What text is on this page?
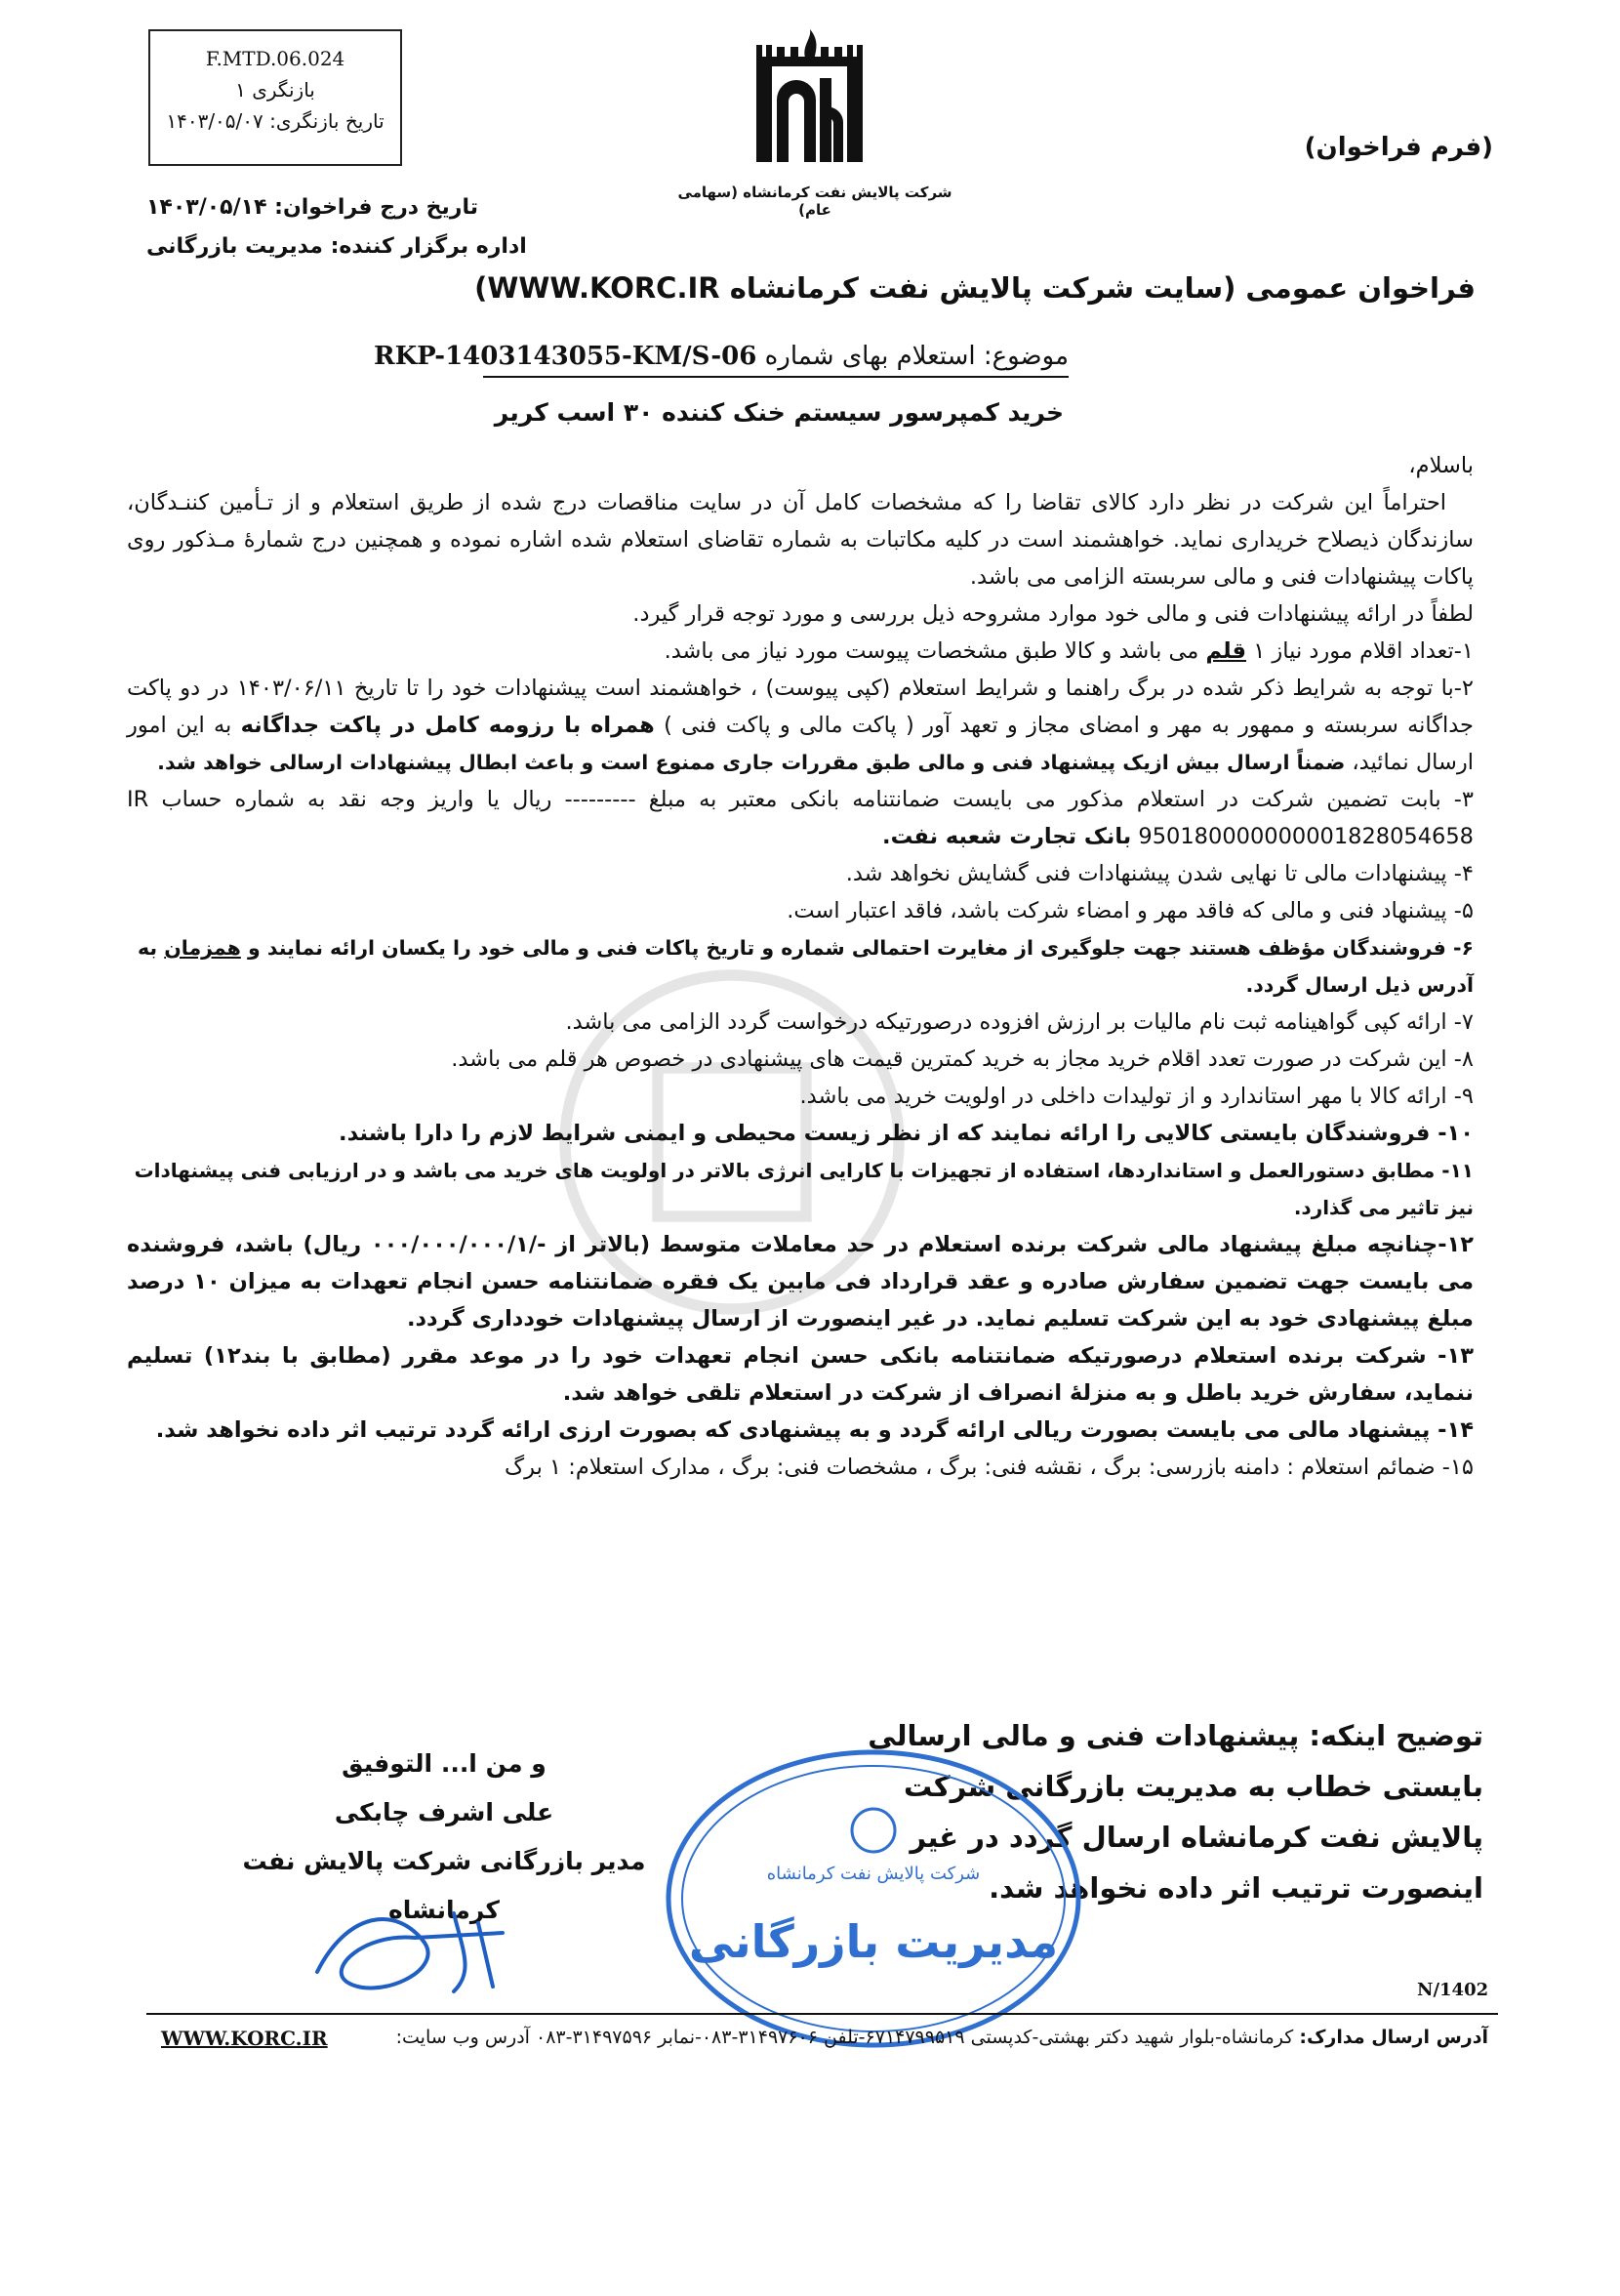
F.MTD.06.024
بازنگری ۱
تاریخ بازنگری: ۱۴۰۳/۰۵/۰۷
شرکت پالایش نفت کرمانشاه (سهامی عام)
(فرم فراخوان)
تاریخ درج فراخوان: ۱۴۰۳/۰۵/۱۴
اداره برگزار کننده: مدیریت بازرگانی
فراخوان عمومی (سایت شرکت پالایش نفت کرمانشاه WWW.KORC.IR)
موضوع: استعلام بهای شماره RKP-1403143055-KM/S-06
خرید کمپرسور سیستم خنک کننده ۳۰ اسب کریر

باسلام،

احتراماً این شرکت در نظر دارد کالای تقاضا را که مشخصات کامل آن در سایت مناقصات درج شده از طریق استعلام و از تـأمین کننـدگان، سازندگان ذیصلاح خریداری نماید. خواهشمند است در کلیه مکاتبات به شماره تقاضای استعلام شده اشاره نموده و همچنین درج شمارهٔ مـذکور روی پاکات پیشنهادات فنی و مالی سربسته الزامی می باشد.

لطفاً در ارائه پیشنهادات فنی و مالی خود موارد مشروحه ذیل بررسی و مورد توجه قرار گیرد.

۱-تعداد اقلام مورد نیاز ۱ قلم می باشد و کالا طبق مشخصات پیوست مورد نیاز می باشد.

۲-با توجه به شرایط ذکر شده در برگ راهنما و شرایط استعلام (کپی پیوست) ، خواهشمند است پیشنهادات خود را تا تاریخ ۱۴۰۳/۰۶/۱۱ در دو پاکت جداگانه سربسته و ممهور به مهر و امضای مجاز و تعهد آور ( پاکت مالی و پاکت فنی ) همراه با رزومه کامل در پاکت جداگانه به این امور ارسال نمائید، ضمناً ارسال بیش ازیک پیشنهاد فنی و مالی طبق مقررات جاری ممنوع است و باعث ابطال پیشنهادات ارسالی خواهد شد.

۳- بابت تضمین شرکت در استعلام مذکور می بایست ضمانتنامه بانکی معتبر به مبلغ --------- ریال یا واریز وجه نقد به شماره حساب IR 950180000000001828054658 بانک تجارت شعبه نفت.

۴- پیشنهادات مالی تا نهایی شدن پیشنهادات فنی گشایش نخواهد شد.

۵- پیشنهاد فنی و مالی که فاقد مهر و امضاء شرکت باشد، فاقد اعتبار است.

۶- فروشندگان مؤظف هستند جهت جلوگیری از مغایرت احتمالی شماره و تاریخ پاکات فنی و مالی خود را یکسان ارائه نمایند و همزمان به آدرس ذیل ارسال گردد.

۷- ارائه کپی گواهینامه ثبت نام مالیات بر ارزش افزوده درصورتیکه درخواست گردد الزامی می باشد.

۸- این شرکت در صورت تعدد اقلام خرید مجاز به خرید کمترین قیمت های پیشنهادی در خصوص هر قلم می باشد.

۹- ارائه کالا با مهر استاندارد و از تولیدات داخلی در اولویت خرید می باشد.

۱۰- فروشندگان بایستی کالایی را ارائه نمایند که از نظر زیست محیطی و ایمنی شرایط لازم را دارا باشند.

۱۱- مطابق دستورالعمل و استانداردها، استفاده از تجهیزات با کارایی انرژی بالاتر در اولویت های خرید می باشد و در ارزیابی فنی پیشنهادات نیز تاثیر می گذارد.

۱۲-چنانچه مبلغ پیشنهاد مالی شرکت برنده استعلام در حد معاملات متوسط (بالاتر از -/۰۰۰/۰۰۰/۰۰۰/۱ ریال) باشد، فروشنده می بایست جهت تضمین سفارش صادره و عقد قرارداد فی مابین یک فقره ضمانتنامه حسن انجام تعهدات به میزان ۱۰ درصد مبلغ پیشنهادی خود به این شرکت تسلیم نماید. در غیر اینصورت از ارسال پیشنهادات خودداری گردد.

۱۳- شرکت برنده استعلام درصورتیکه ضمانتنامه بانکی حسن انجام تعهدات خود را در موعد مقرر (مطابق با بند۱۲) تسلیم ننماید، سفارش خرید باطل و به منزلهٔ انصراف از شرکت در استعلام تلقی خواهد شد.

۱۴- پیشنهاد مالی می بایست بصورت ریالی ارائه گردد و به پیشنهادی که بصورت ارزی ارائه گردد ترتیب اثر داده نخواهد شد.

۱۵- ضمائم استعلام : دامنه بازرسی: برگ ، نقشه فنی: برگ ، مشخصات فنی: برگ ، مدارک استعلام: ۱ برگ

توضیح اینکه: پیشنهادات فنی و مالی ارسالی بایستی خطاب به مدیریت بازرگانی شرکت پالایش نفت کرمانشاه ارسال گردد در غیر اینصورت ترتیب اثر داده نخواهد شد.
شرکت پالایش نفت کرمانشاه
مدیریت بازرگانی
و من ا... التوفیق
علی اشرف چابکی
مدیر بازرگانی شرکت پالایش نفت کرمانشاه
N/1402
آدرس ارسال مدارک: کرمانشاه-بلوار شهید دکتر بهشتی-کدپستی ۶۷۱۴۷۹۹۵۱۹-تلفن ۳۱۴۹۷۶۰۶-۰۸۳-نمابر ۳۱۴۹۷۵۹۶-۰۸۳ آدرس وب سایت:
WWW.KORC.IR
